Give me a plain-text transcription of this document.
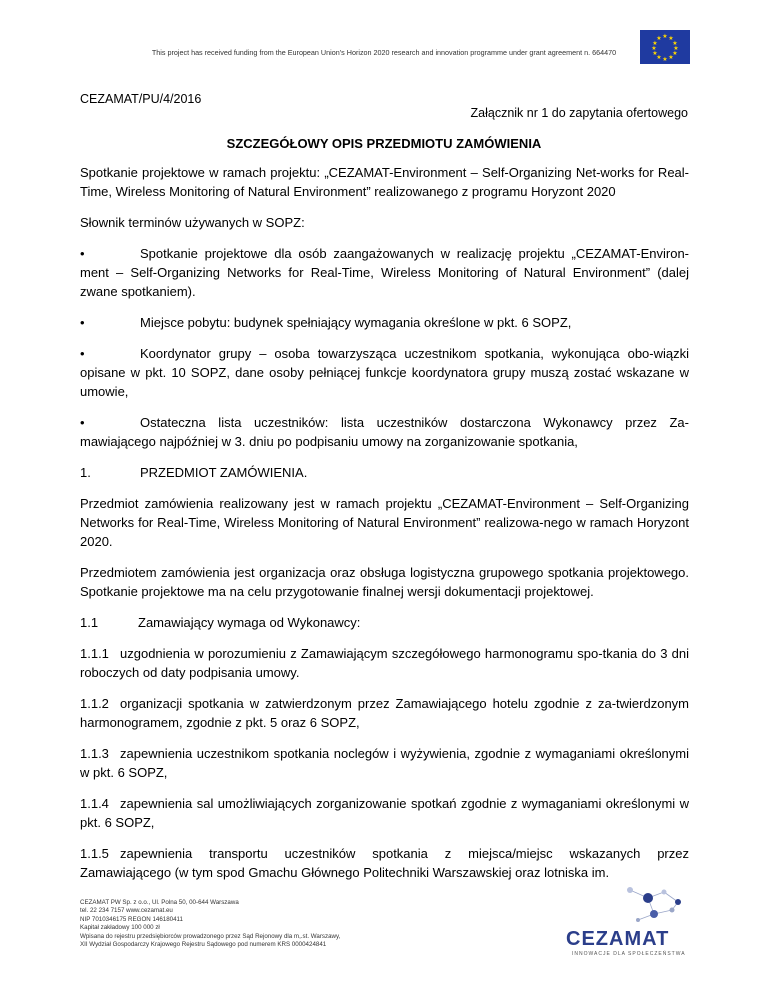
This project has received funding from the European Union’s Horizon 2020 research and innovation programme under grant agreement n. 664470
★ ★
★
★
★
★
★
★
★
★
★
★
CEZAMAT/PU/4/2016
Załącznik nr 1 do zapytania ofertowego
SZCZEGÓŁOWY OPIS PRZEDMIOTU ZAMÓWIENIA

Spotkanie projektowe w ramach projektu: „CEZAMAT-Environment – Self-Organizing Net-works for Real-Time, Wireless Monitoring of Natural Environment” realizowanego z programu Horyzont 2020

Słownik terminów używanych w SOPZ:

•	Spotkanie projektowe dla osób zaangażowanych w realizację projektu „CEZAMAT-Environ-ment – Self-Organizing Networks for Real-Time, Wireless Monitoring of Natural Environment” (dalej zwane spotkaniem).

•	Miejsce pobytu: budynek spełniający wymagania określone w pkt. 6 SOPZ,

•	Koordynator grupy – osoba towarzysząca uczestnikom spotkania, wykonująca obo-wiązki opisane w pkt. 10 SOPZ, dane osoby pełniącej funkcje koordynatora grupy muszą zostać wskazane w umowie,

•	Ostateczna lista uczestników: lista uczestników dostarczona Wykonawcy przez Za-mawiającego najpóźniej w 3. dniu po podpisaniu umowy na zorganizowanie spotkania,

1.	PRZEDMIOT ZAMÓWIENIA.

Przedmiot zamówienia realizowany jest w ramach projektu „CEZAMAT-Environment – Self-Organizing Networks for Real-Time, Wireless Monitoring of Natural Environment” realizowa-nego w ramach Horyzont 2020.

Przedmiotem zamówienia jest organizacja oraz obsługa logistyczna grupowego spotkania projektowego. Spotkanie projektowe ma na celu przygotowanie finalnej wersji dokumentacji projektowej.

1.1	Zamawiający wymaga od Wykonawcy:

1.1.1 uzgodnienia w porozumieniu z Zamawiającym szczegółowego harmonogramu spo-tkania do 3 dni roboczych od daty podpisania umowy.

1.1.2 organizacji spotkania w zatwierdzonym przez Zamawiającego hotelu zgodnie z za-twierdzonym harmonogramem, zgodnie z pkt. 5 oraz 6 SOPZ,

1.1.3 zapewnienia uczestnikom spotkania noclegów i wyżywienia, zgodnie z wymaganiami określonymi w pkt. 6 SOPZ,

1.1.4 zapewnienia sal umożliwiających zorganizowanie spotkań zgodnie z wymaganiami określonymi w pkt. 6 SOPZ,

1.1.5 zapewnienia transportu uczestników spotkania z miejsca/miejsc wskazanych przez Zamawiającego (w tym spod Gmachu Głównego Politechniki Warszawskiej oraz lotniska im.

CEZAMAT PW Sp. z o.o., Ul. Polna 50, 00-644 Warszawa
tel. 22 234 7157 www.cezamat.eu
NIP 7010346175 REGON 146180411
Kapitał zakładowy 100 000 zł
Wpisana do rejestru przedsiębiorców prowadzonego przez Sąd Rejonowy dla m,.st. Warszawy,
XII Wydział Gospodarczy Krajowego Rejestru Sądowego pod numerem KRS 0000424841	CEZAMAT
INNOWACJE DLA SPOŁECZEŃSTWA
